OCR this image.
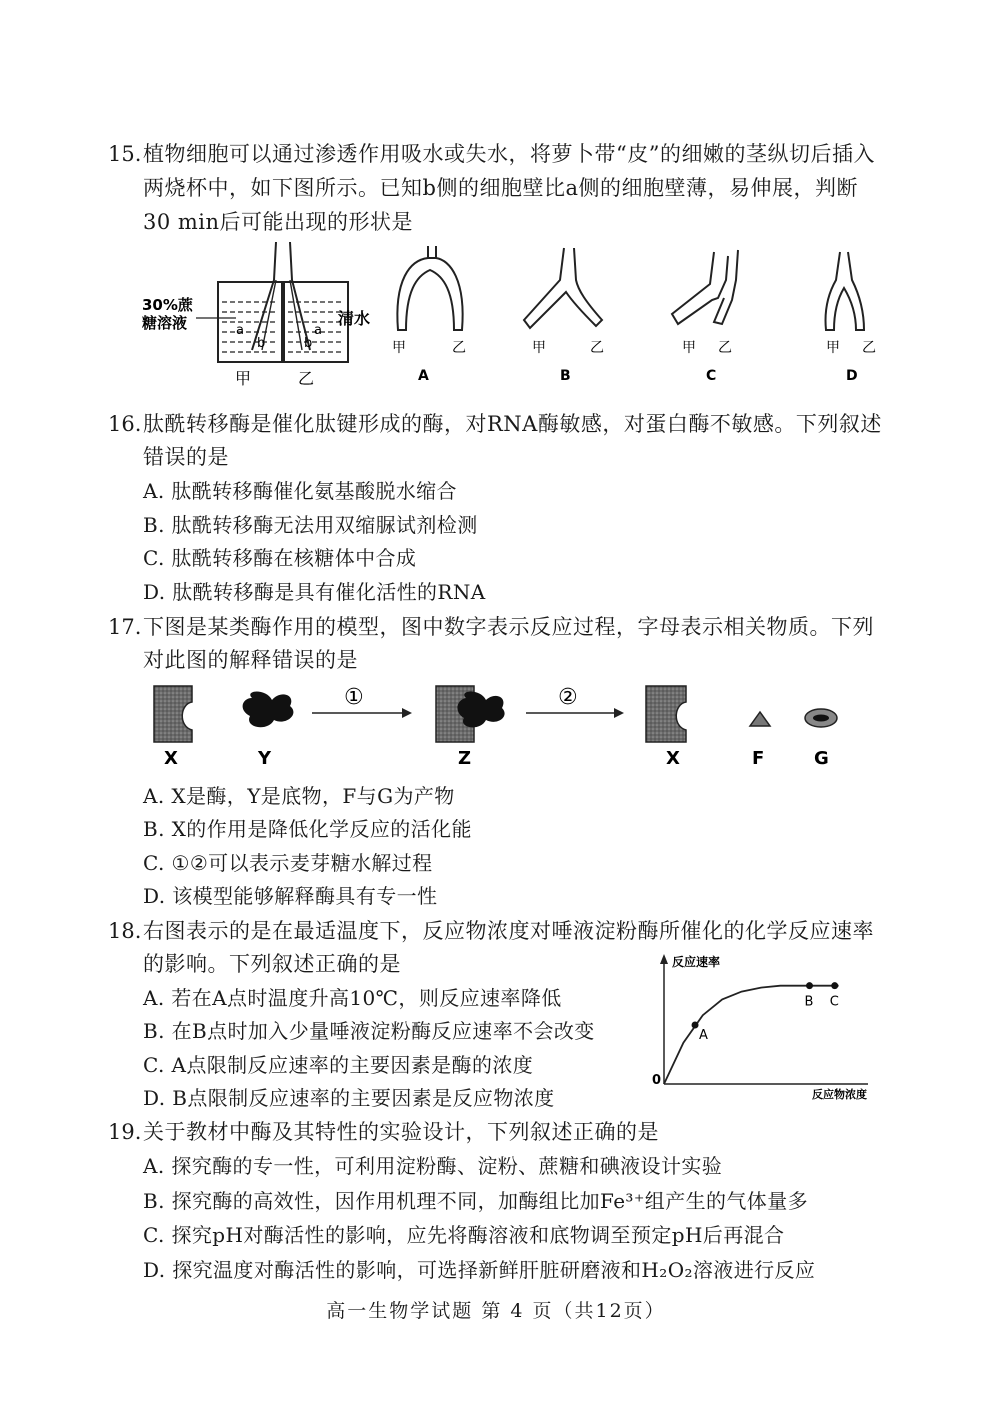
15. 植物细胞可以通过渗透作用吸水或失水，将萝卜带“皮”的细嫩的茎纵切后插入
两烧杯中，如下图所示。已知b侧的细胞壁比a侧的细胞壁薄，易伸展，判断
30 min后可能出现的形状是
a
b	b
a
30%蔗
糖溶液	清水
甲	乙
甲	乙
A
甲	乙
B
甲 乙
C
甲 乙
D
16. 肽酰转移酶是催化肽键形成的酶，对RNA酶敏感，对蛋白酶不敏感。下列叙述
错误的是
A. 肽酰转移酶催化氨基酸脱水缩合
B. 肽酰转移酶无法用双缩脲试剂检测
C. 肽酰转移酶在核糖体中合成
D. 肽酰转移酶是具有催化活性的RNA
17. 下图是某类酶作用的模型，图中数字表示反应过程，字母表示相关物质。下列
对此图的解释错误的是
X	Y
①
Z
②
X	F	G
A. X是酶，Y是底物，F与G为产物
B. X的作用是降低化学反应的活化能
C. ①②可以表示麦芽糖水解过程
D. 该模型能够解释酶具有专一性
18. 右图表示的是在最适温度下，反应物浓度对唾液淀粉酶所催化的化学反应速率
的影响。下列叙述正确的是
A. 若在A点时温度升高10℃，则反应速率降低
B. 在B点时加入少量唾液淀粉酶反应速率不会改变
C. A点限制反应速率的主要因素是酶的浓度
D. B点限制反应速率的主要因素是反应物浓度
反应速率
反应物浓度
0
A
B C
19. 关于教材中酶及其特性的实验设计，下列叙述正确的是
A. 探究酶的专一性，可利用淀粉酶、淀粉、蔗糖和碘液设计实验
B. 探究酶的高效性，因作用机理不同，加酶组比加Fe³⁺组产生的气体量多
C. 探究pH对酶活性的影响，应先将酶溶液和底物调至预定pH后再混合
D. 探究温度对酶活性的影响，可选择新鲜肝脏研磨液和H₂O₂溶液进行反应
高一生物学试题 第 4 页（共12页）
